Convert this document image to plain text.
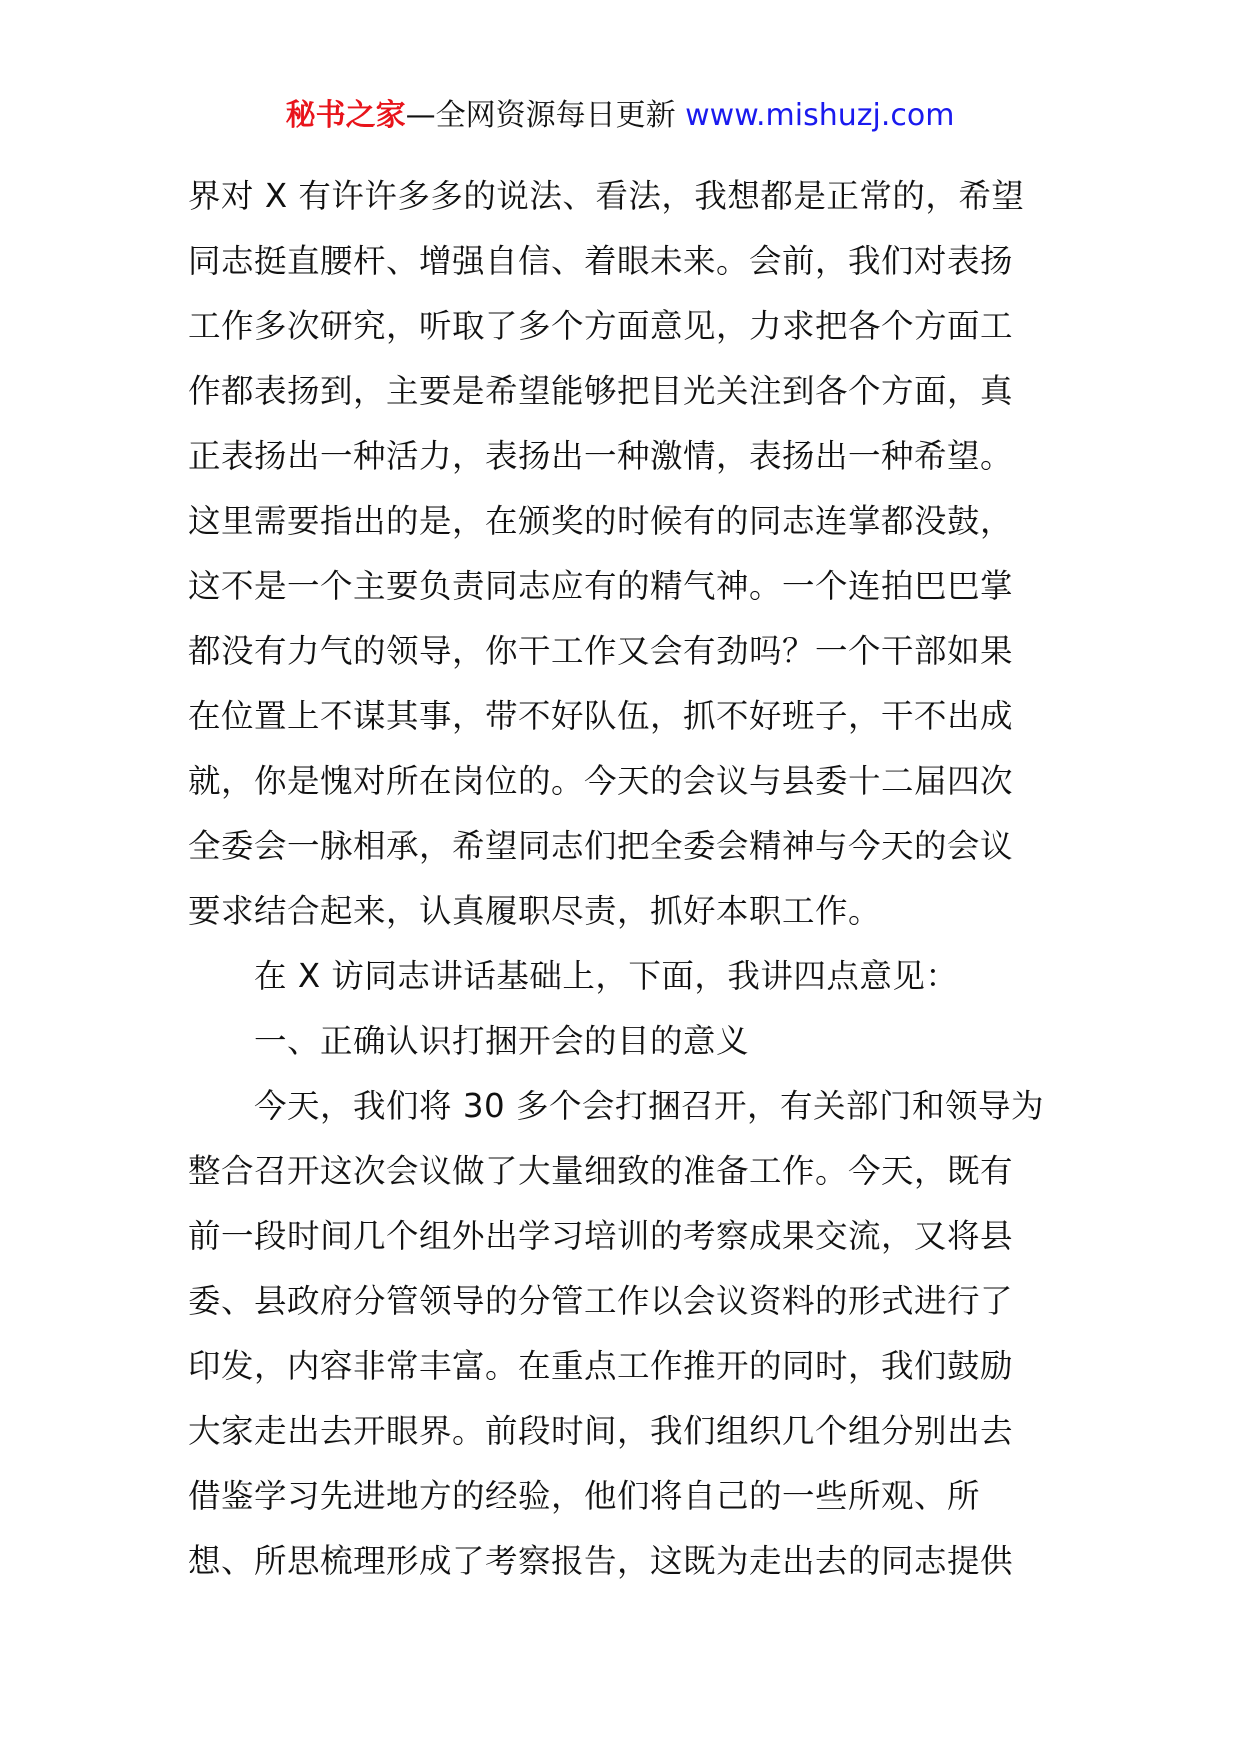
秘书之家—全网资源每日更新 www.mishuzj.com
界对 X 有许许多多的说法、看法，我想都是正常的，希望
同志挺直腰杆、增强自信、着眼未来。会前，我们对表扬
工作多次研究，听取了多个方面意见，力求把各个方面工
作都表扬到，主要是希望能够把目光关注到各个方面，真
正表扬出一种活力，表扬出一种激情，表扬出一种希望。
这里需要指出的是，在颁奖的时候有的同志连掌都没鼓，
这不是一个主要负责同志应有的精气神。一个连拍巴巴掌
都没有力气的领导，你干工作又会有劲吗？一个干部如果
在位置上不谋其事，带不好队伍，抓不好班子，干不出成
就，你是愧对所在岗位的。今天的会议与县委十二届四次
全委会一脉相承，希望同志们把全委会精神与今天的会议
要求结合起来，认真履职尽责，抓好本职工作。
在 X 访同志讲话基础上，下面，我讲四点意见：
一、正确认识打捆开会的目的意义
今天，我们将 30 多个会打捆召开，有关部门和领导为
整合召开这次会议做了大量细致的准备工作。今天，既有
前一段时间几个组外出学习培训的考察成果交流，又将县
委、县政府分管领导的分管工作以会议资料的形式进行了
印发，内容非常丰富。在重点工作推开的同时，我们鼓励
大家走出去开眼界。前段时间，我们组织几个组分别出去
借鉴学习先进地方的经验，他们将自己的一些所观、所
想、所思梳理形成了考察报告，这既为走出去的同志提供
